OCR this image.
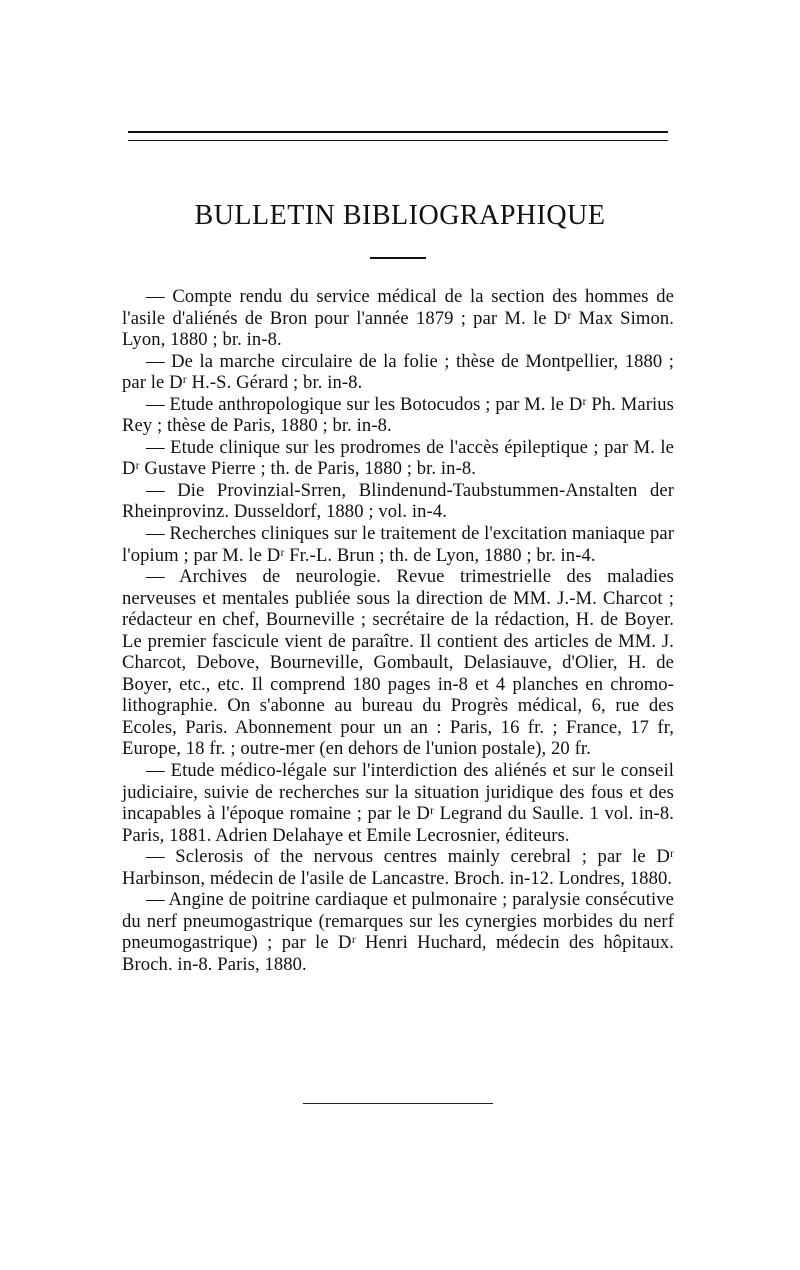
BULLETIN BIBLIOGRAPHIQUE

— Compte rendu du service médical de la section des hommes de l'asile d'aliénés de Bron pour l'année 1879 ; par M. le Dʳ Max Simon. Lyon, 1880 ; br. in-8.

— De la marche circulaire de la folie ; thèse de Montpellier, 1880 ; par le Dʳ H.-S. Gérard ; br. in-8.

— Etude anthropologique sur les Botocudos ; par M. le Dʳ Ph. Marius Rey ; thèse de Paris, 1880 ; br. in-8.

— Etude clinique sur les prodromes de l'accès épileptique ; par M. le Dʳ Gustave Pierre ; th. de Paris, 1880 ; br. in-8.

— Die Provinzial-Srren, Blindenund-Taubstummen-Anstalten der Rheinprovinz. Dusseldorf, 1880 ; vol. in-4.

— Recherches cliniques sur le traitement de l'excitation maniaque par l'opium ; par M. le Dʳ Fr.-L. Brun ; th. de Lyon, 1880 ; br. in-4.

— Archives de neurologie. Revue trimestrielle des maladies nerveuses et mentales publiée sous la direction de MM. J.-M. Charcot ; rédacteur en chef, Bourneville ; secrétaire de la rédaction, H. de Boyer. Le premier fascicule vient de paraître. Il contient des articles de MM. J. Charcot, Debove, Bourneville, Gombault, Delasiauve, d'Olier, H. de Boyer, etc., etc. Il comprend 180 pages in-8 et 4 planches en chromo-lithographie. On s'abonne au bureau du Progrès médical, 6, rue des Ecoles, Paris. Abonnement pour un an : Paris, 16 fr. ; France, 17 fr, Europe, 18 fr. ; outre-mer (en dehors de l'union postale), 20 fr.

— Etude médico-légale sur l'interdiction des aliénés et sur le conseil judiciaire, suivie de recherches sur la situation juridique des fous et des incapables à l'époque romaine ; par le Dʳ Legrand du Saulle. 1 vol. in-8. Paris, 1881. Adrien Delahaye et Emile Lecrosnier, éditeurs.

— Sclerosis of the nervous centres mainly cerebral ; par le Dʳ Harbinson, médecin de l'asile de Lancastre. Broch. in-12. Londres, 1880.

— Angine de poitrine cardiaque et pulmonaire ; paralysie consécutive du nerf pneumogastrique (remarques sur les cynergies morbides du nerf pneumogastrique) ; par le Dʳ Henri Huchard, médecin des hôpitaux. Broch. in-8. Paris, 1880.
